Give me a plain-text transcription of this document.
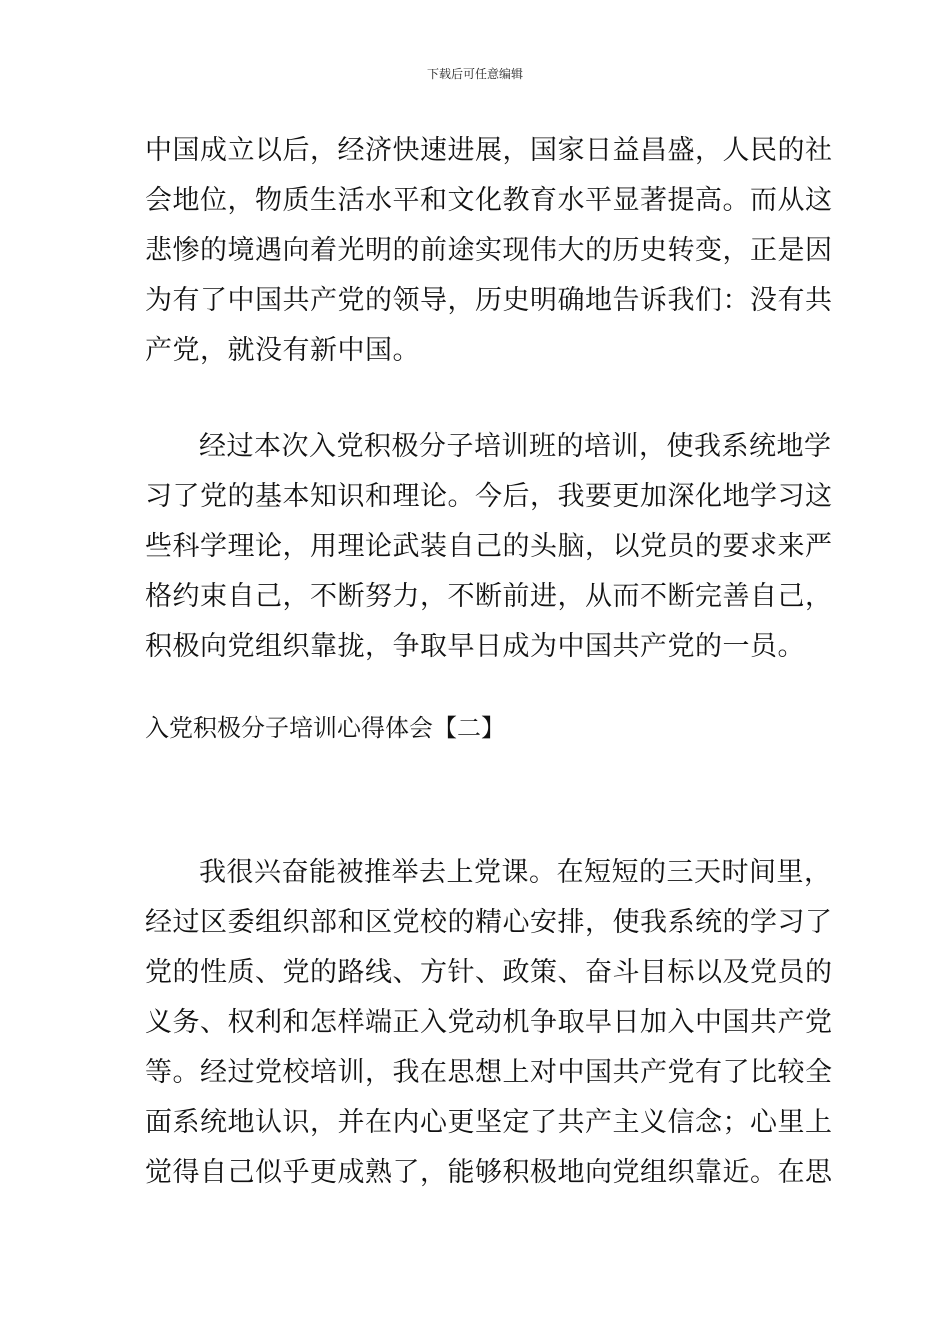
下载后可任意编辑
中国成立以后，经济快速进展，国家日益昌盛，人民的社
会地位，物质生活水平和文化教育水平显著提高。而从这
悲惨的境遇向着光明的前途实现伟大的历史转变，正是因
为有了中国共产党的领导，历史明确地告诉我们：没有共
产党，就没有新中国。
经过本次入党积极分子培训班的培训，使我系统地学
习了党的基本知识和理论。今后，我要更加深化地学习这
些科学理论，用理论武装自己的头脑，以党员的要求来严
格约束自己，不断努力，不断前进，从而不断完善自己，
积极向党组织靠拢，争取早日成为中国共产党的一员。
入党积极分子培训心得体会【二】
我很兴奋能被推举去上党课。在短短的三天时间里，
经过区委组织部和区党校的精心安排，使我系统的学习了
党的性质、党的路线、方针、政策、奋斗目标以及党员的
义务、权利和怎样端正入党动机争取早日加入中国共产党
等。经过党校培训，我在思想上对中国共产党有了比较全
面系统地认识，并在内心更坚定了共产主义信念；心里上
觉得自己似乎更成熟了，能够积极地向党组织靠近。在思
